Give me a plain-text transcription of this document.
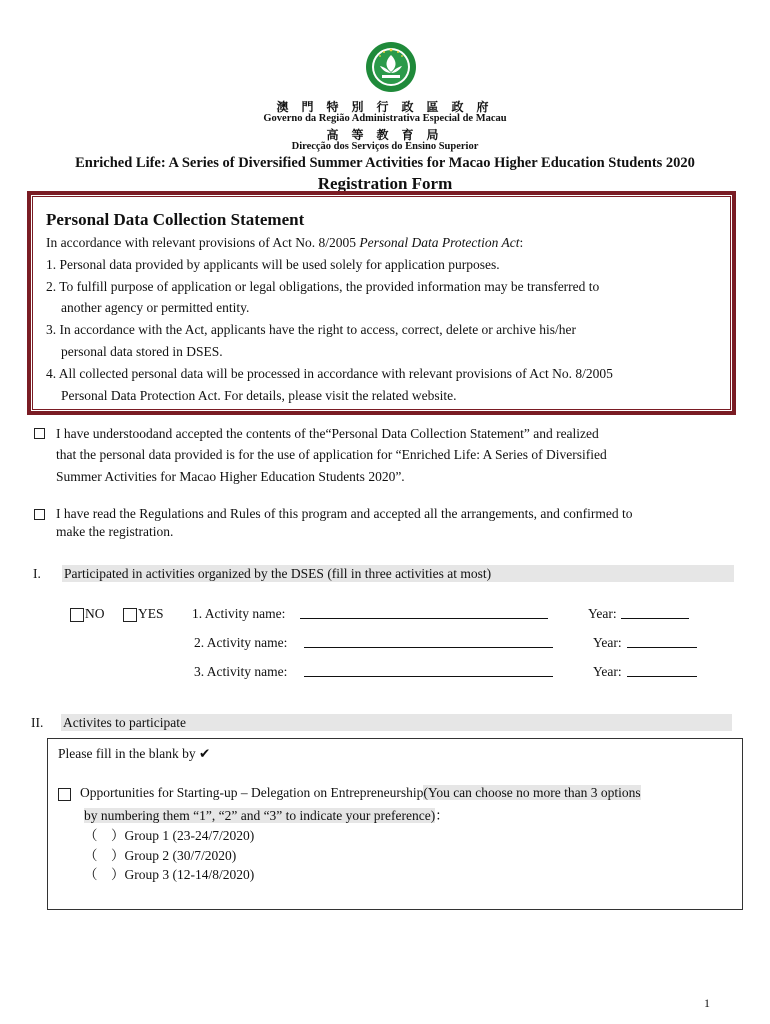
澳 門 特 別 行 政 區 政 府
Governo da Região Administrativa Especial de Macau
高 等 教 育 局
Direcção dos Serviços do Ensino Superior
Enriched Life: A Series of Diversified Summer Activities for Macao Higher Education Students 2020
Registration Form
Personal Data Collection Statement
In accordance with relevant provisions of Act No. 8/2005 Personal Data Protection Act:
1. Personal data provided by applicants will be used solely for application purposes.
2. To fulfill purpose of application or legal obligations, the provided information may be transferred to
another agency or permitted entity.
3. In accordance with the Act, applicants have the right to access, correct, delete or archive his/her
personal data stored in DSES.
4. All collected personal data will be processed in accordance with relevant provisions of Act No. 8/2005
Personal Data Protection Act. For details, please visit the related website.
I have understoodand accepted the contents of the“Personal Data Collection Statement” and realized
that the personal data provided is for the use of application for “Enriched Life: A Series of Diversified
Summer Activities for Macao Higher Education Students 2020”.
I have read the Regulations and Rules of this program and accepted all the arrangements, and confirmed to
make the registration.
I. Participated in activities organized by the DSES (fill in three activities at most)
NO YES 1. Activity name:	Year:
2. Activity name:	Year:
3. Activity name:	Year:
II. Activites to participate
Please fill in the blank by ✔
Opportunities for Starting-up – Delegation on Entrepreneurship(You can choose no more than 3 options
by numbering them “1”, “2” and “3” to indicate your preference)：
（　）Group 1 (23-24/7/2020)
（　）Group 2 (30/7/2020)
（　）Group 3 (12-14/8/2020)
1
